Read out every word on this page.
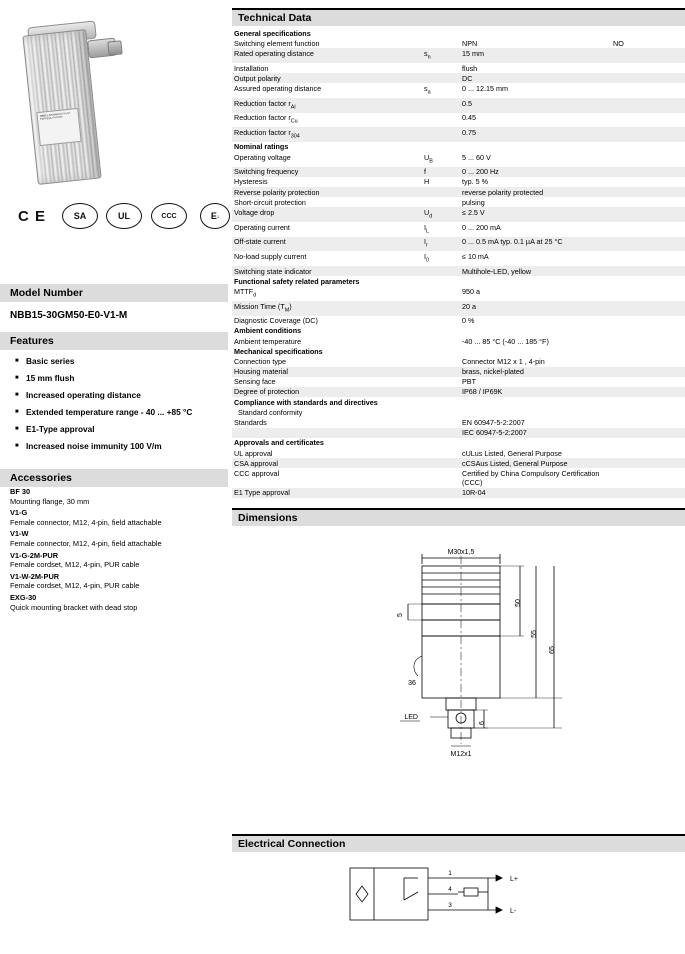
NBB15-30GM50-E0-V1-M PEPPERL+FUCHS
C E	SA	UL	CCC	E 1
Model Number
NBB15-30GM50-E0-V1-M
Features
■ Basic series
■ 15 mm flush
■ Increased operating distance
■ Extended temperature range - 40 ... +85 °C
■ E1-Type approval
■ Increased noise immunity 100 V/m
Accessories
BF 30
Mounting flange, 30 mm
V1-G
Female connector, M12, 4-pin, field attachable
V1-W
Female connector, M12, 4-pin, field attachable
V1-G-2M-PUR
Female cordset, M12, 4-pin, PUR cable
V1-W-2M-PUR
Female cordset, M12, 4-pin, PUR cable
EXG-30
Quick mounting bracket with dead stop
Technical Data
General specifications			
Switching element function		NPN	NO
Rated operating distance	$s_n$	15 mm	
Installation		flush	
Output polarity		DC	
Assured operating distance	$s_a$	0 ... 12.15 mm	
Reduction factor $r_{Al}$		0.5	
Reduction factor $r_{Cu}$		0.45	
Reduction factor $r_{304}$		0.75	
Nominal ratings			
Operating voltage	$U_B$	5 ... 60 V	
Switching frequency	f	0 ... 200 Hz	
Hysteresis	H	typ. 5 %	
Reverse polarity protection		reverse polarity protected	
Short-circuit protection		pulsing	
Voltage drop	$U_d$	≤ 2.5 V	
Operating current	$I_L$	0 ... 200 mA	
Off-state current	$I_r$	0 ... 0.5 mA typ. 0.1 µA at 25 °C	
No-load supply current	$I_0$	≤ 10 mA	
Switching state indicator		Multihole-LED, yellow	
Functional safety related parameters			
$MTTF_d$		950 a	
Mission Time $(T_M)$		20 a	
Diagnostic Coverage (DC)		0 %	
Ambient conditions			
Ambient temperature		-40 ... 85 °C (-40 ... 185 °F)	
Mechanical specifications			
Connection type		Connector M12 x 1 , 4-pin	
Housing material		brass, nickel-plated	
Sensing face		PBT	
Degree of protection		IP68 / IP69K	
Compliance with standards and directives			
Standard conformity			
Standards		EN 60947-5-2:2007	
		IEC 60947-5-2:2007	
Approvals and certificates			
UL approval		cULus Listed, General Purpose	
CSA approval		cCSAus Listed, General Purpose	
CCC approval		Certified by China Compulsory Certification (CCC)	
E1 Type approval		10R-04	
Dimensions
M30x1,5
50
55
65
5
36
6
LED
M12x1
Electrical Connection
1
4
3
L+
L-
